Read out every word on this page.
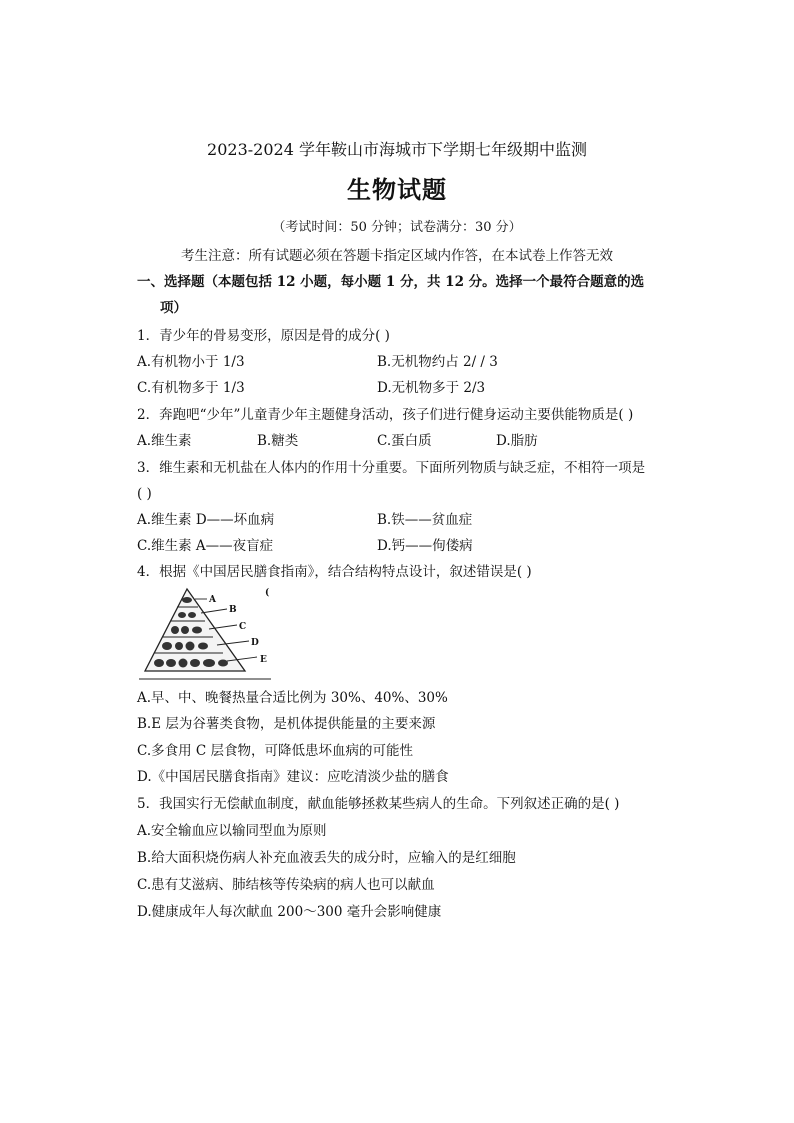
2023-2024 学年鞍山市海城市下学期七年级期中监测
生物试题
（考试时间：50 分钟；试卷满分：30 分）
考生注意：所有试题必须在答题卡指定区域内作答，在本试卷上作答无效
一、选择题（本题包括 12 小题，每小题 1 分，共 12 分。选择一个最符合题意的选
项）
1．青少年的骨易变形，原因是骨的成分( )
A.有机物小于 1/3	B.无机物约占 2/ / 3
C.有机物多于 1/3	D.无机物多于 2/3
2．奔跑吧“少年”儿童青少年主题健身活动，孩子们进行健身运动主要供能物质是( )
A.维生素	B.糖类	C.蛋白质	D.脂肪
3．维生素和无机盐在人体内的作用十分重要。下面所列物质与缺乏症，不相符一项是
( )
A.维生素 D——坏血病	B.铁——贫血症
C.维生素 A——夜盲症	D.钙——佝偻病
4．根据《中国居民膳食指南》，结合结构特点设计，叙述错误是( )
A
B
C
D
E
(
A.早、中、晚餐热量合适比例为 30%、40%、30%
B.E 层为谷薯类食物，是机体提供能量的主要来源
C.多食用 C 层食物，可降低患坏血病的可能性
D.《中国居民膳食指南》建议：应吃清淡少盐的膳食
5．我国实行无偿献血制度，献血能够拯救某些病人的生命。下列叙述正确的是( )
A.安全输血应以输同型血为原则
B.给大面积烧伤病人补充血液丢失的成分时，应输入的是红细胞
C.患有艾滋病、肺结核等传染病的病人也可以献血
D.健康成年人每次献血 200～300 毫升会影响健康
